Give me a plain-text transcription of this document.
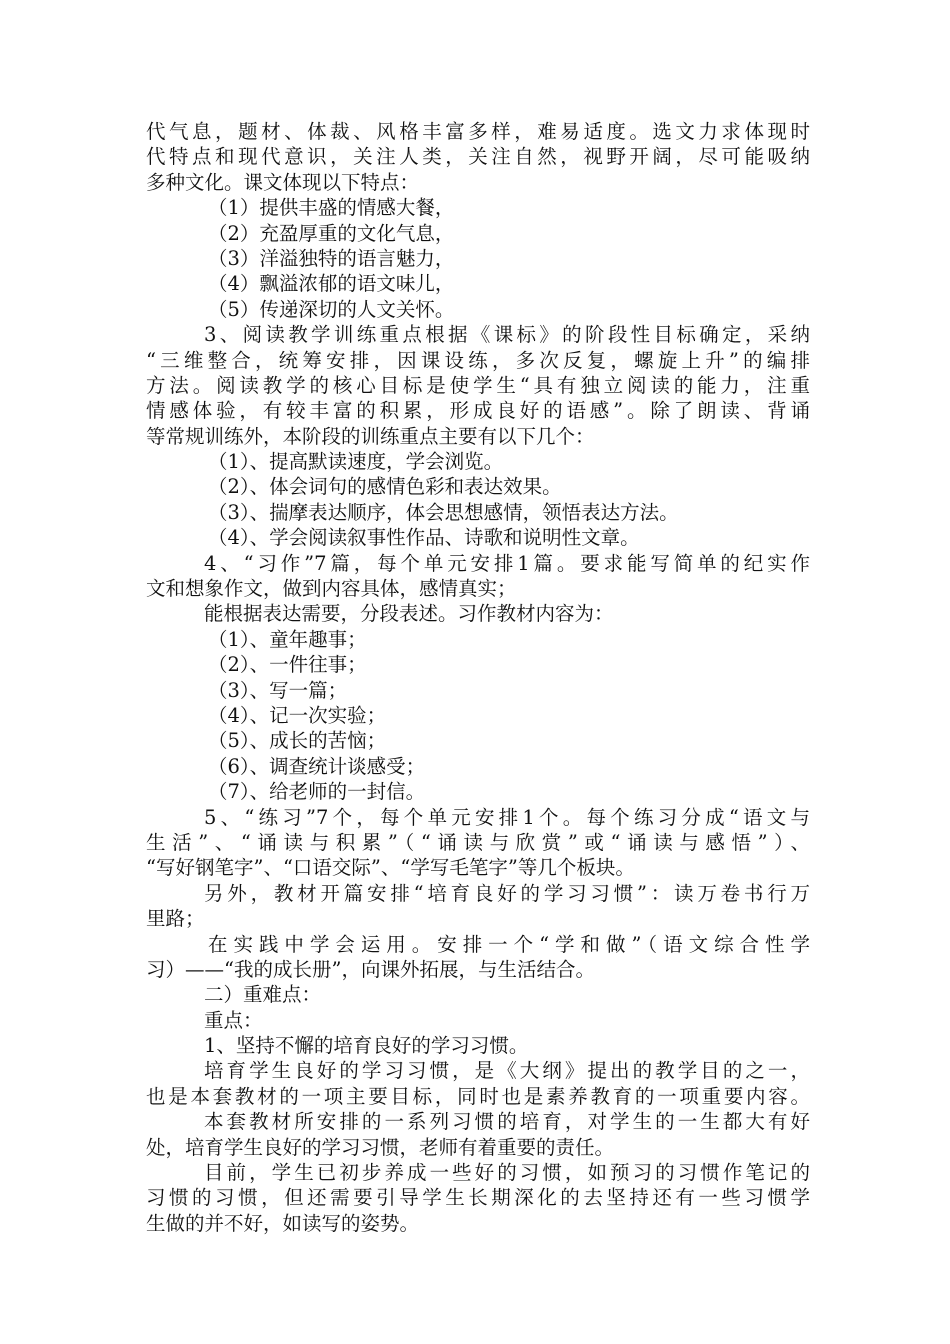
代气息，题材、体裁、风格丰富多样，难易适度。选文力求体现时
代特点和现代意识，关注人类，关注自然，视野开阔，尽可能吸纳
多种文化。课文体现以下特点：
（1）提供丰盛的情感大餐，
（2）充盈厚重的文化气息，
（3）洋溢独特的语言魅力，
（4）飘溢浓郁的语文味儿，
（5）传递深切的人文关怀。
3、阅读教学训练重点根据《课标》的阶段性目标确定，采纳
“三维整合，统筹安排，因课设练，多次反复，螺旋上升”的编排
方法。阅读教学的核心目标是使学生“具有独立阅读的能力，注重
情感体验，有较丰富的积累，形成良好的语感”。除了朗读、背诵
等常规训练外，本阶段的训练重点主要有以下几个：
（1）、提高默读速度，学会浏览。
（2）、体会词句的感情色彩和表达效果。
（3）、揣摩表达顺序，体会思想感情，领悟表达方法。
（4）、学会阅读叙事性作品、诗歌和说明性文章。
4、“习作”7篇，每个单元安排1篇。要求能写简单的纪实作
文和想象作文，做到内容具体，感情真实；
能根据表达需要，分段表述。习作教材内容为：
（1）、童年趣事；
（2）、一件往事；
（3）、写一篇；
（4）、记一次实验；
（5）、成长的苦恼；
（6）、调查统计谈感受；
（7）、给老师的一封信。
5、“练习”7个，每个单元安排1个。每个练习分成“语文与
生活”、“诵读与积累”（“诵读与欣赏”或“诵读与感悟”）、
“写好钢笔字”、“口语交际”、“学写毛笔字”等几个板块。
另外，教材开篇安排“培育良好的学习习惯”：读万卷书行万
里路；
在实践中学会运用。安排一个“学和做”（语文综合性学
习）——“我的成长册”，向课外拓展，与生活结合。
二）重难点：
重点：
1、坚持不懈的培育良好的学习习惯。
培育学生良好的学习习惯，是《大纲》提出的教学目的之一，
也是本套教材的一项主要目标，同时也是素养教育的一项重要内容。
本套教材所安排的一系列习惯的培育，对学生的一生都大有好
处，培育学生良好的学习习惯，老师有着重要的责任。
目前，学生已初步养成一些好的习惯，如预习的习惯作笔记的
习惯的习惯，但还需要引导学生长期深化的去坚持还有一些习惯学
生做的并不好，如读写的姿势。
